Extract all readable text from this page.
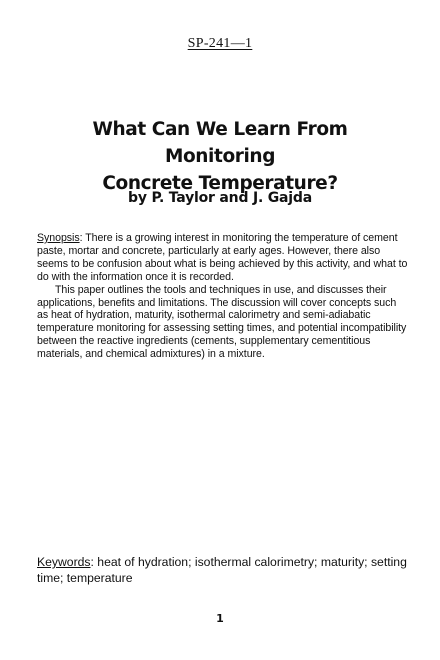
SP-241—1
What Can We Learn From Monitoring
Concrete Temperature?
by P. Taylor and J. Gajda

Synopsis: There is a growing interest in monitoring the temperature of cement paste, mortar and concrete, particularly at early ages. However, there also seems to be confusion about what is being achieved by this activity, and what to do with the information once it is recorded.

This paper outlines the tools and techniques in use, and discusses their applications, benefits and limitations. The discussion will cover concepts such as heat of hydration, maturity, isothermal calorimetry and semi-adiabatic temperature monitoring for assessing setting times, and potential incompatibility between the reactive ingredients (cements, supplementary cementitious materials, and chemical admixtures) in a mixture.

Keywords: heat of hydration; isothermal calorimetry; maturity; setting time; temperature
1
